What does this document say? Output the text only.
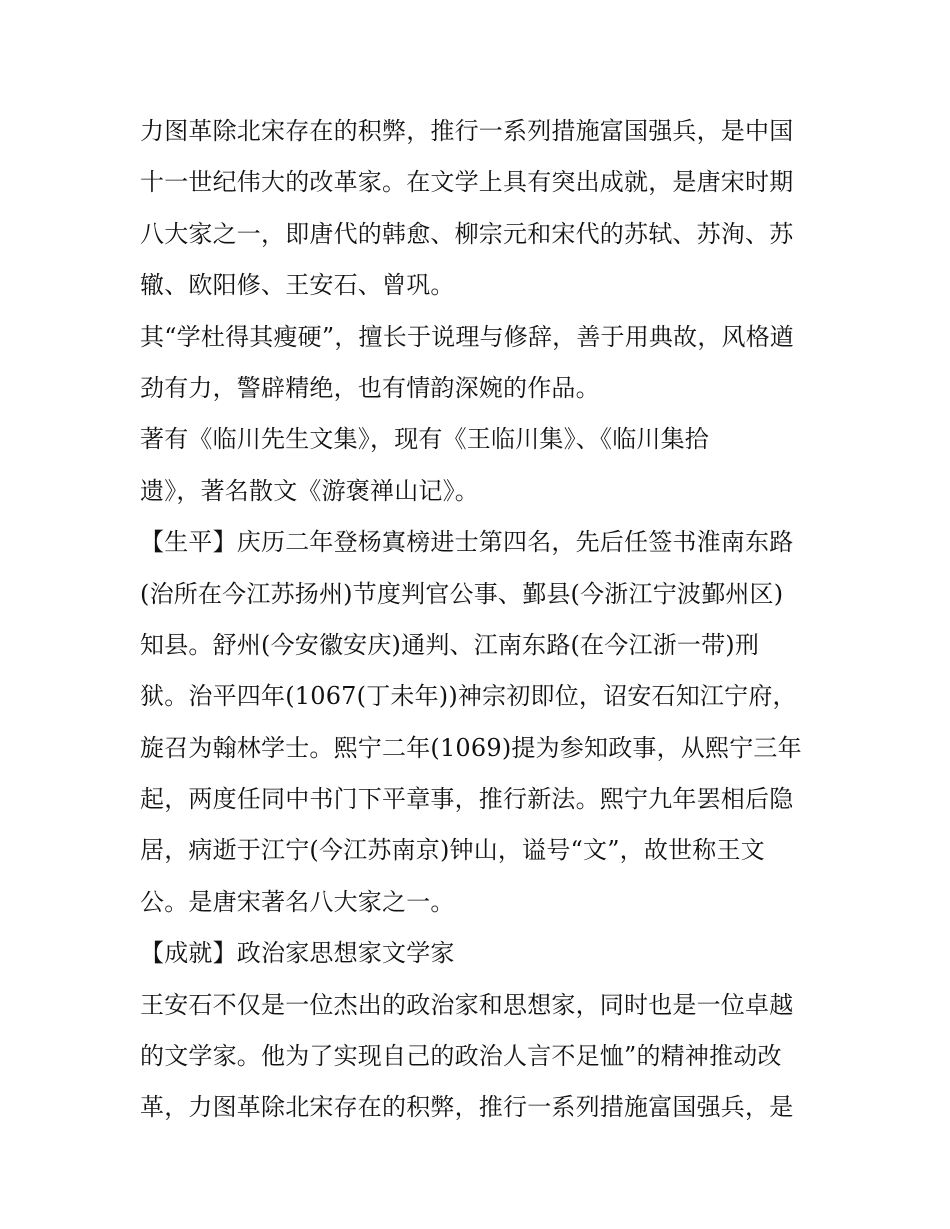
力图革除北宋存在的积弊，推行一系列措施富国强兵，是中国
十一世纪伟大的改革家。在文学上具有突出成就，是唐宋时期
八大家之一，即唐代的韩愈、柳宗元和宋代的苏轼、苏洵、苏
辙、欧阳修、王安石、曾巩。
其“学杜得其瘦硬”，擅长于说理与修辞，善于用典故，风格遒
劲有力，警辟精绝，也有情韵深婉的作品。
著有《临川先生文集》，现有《王临川集》、《临川集拾
遗》，著名散文《游褒禅山记》。
【生平】庆历二年登杨寘榜进士第四名，先后任签书淮南东路
(治所在今江苏扬州)节度判官公事、鄞县(今浙江宁波鄞州区)
知县。舒州(今安徽安庆)通判、江南东路(在今江浙一带)刑
狱。治平四年(1067(丁未年))神宗初即位，诏安石知江宁府，
旋召为翰林学士。熙宁二年(1069)提为参知政事，从熙宁三年
起，两度任同中书门下平章事，推行新法。熙宁九年罢相后隐
居，病逝于江宁(今江苏南京)钟山，谥号“文”，故世称王文
公。是唐宋著名八大家之一。
【成就】政治家思想家文学家
王安石不仅是一位杰出的政治家和思想家，同时也是一位卓越
的文学家。他为了实现自己的政治人言不足恤”的精神推动改
革，力图革除北宋存在的积弊，推行一系列措施富国强兵，是
